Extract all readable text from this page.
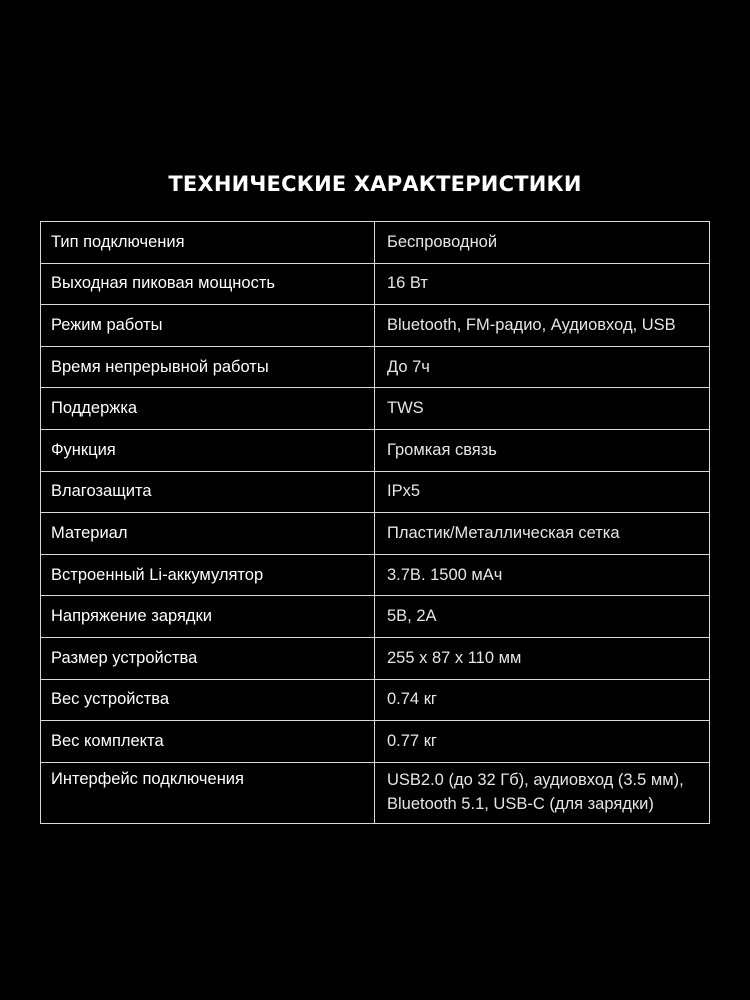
ТЕХНИЧЕСКИЕ ХАРАКТЕРИСТИКИ
Тип подключения	Беспроводной
Выходная пиковая мощность	16 Вт
Режим работы	Bluetooth, FM-радио, Аудиовход, USB
Время непрерывной работы	До 7ч
Поддержка	TWS
Функция	Громкая связь
Влагозащита	IPx5
Материал	Пластик/Металлическая сетка
Встроенный Li-аккумулятор	3.7В. 1500 мАч
Напряжение зарядки	5В, 2А
Размер устройства	255 х 87 х 110 мм
Вес устройства	0.74 кг
Вес комплекта	0.77 кг
Интерфейс подключения	USB2.0 (до 32 Гб), аудиовход (3.5 мм),
Bluetooth 5.1, USB-C (для зарядки)
